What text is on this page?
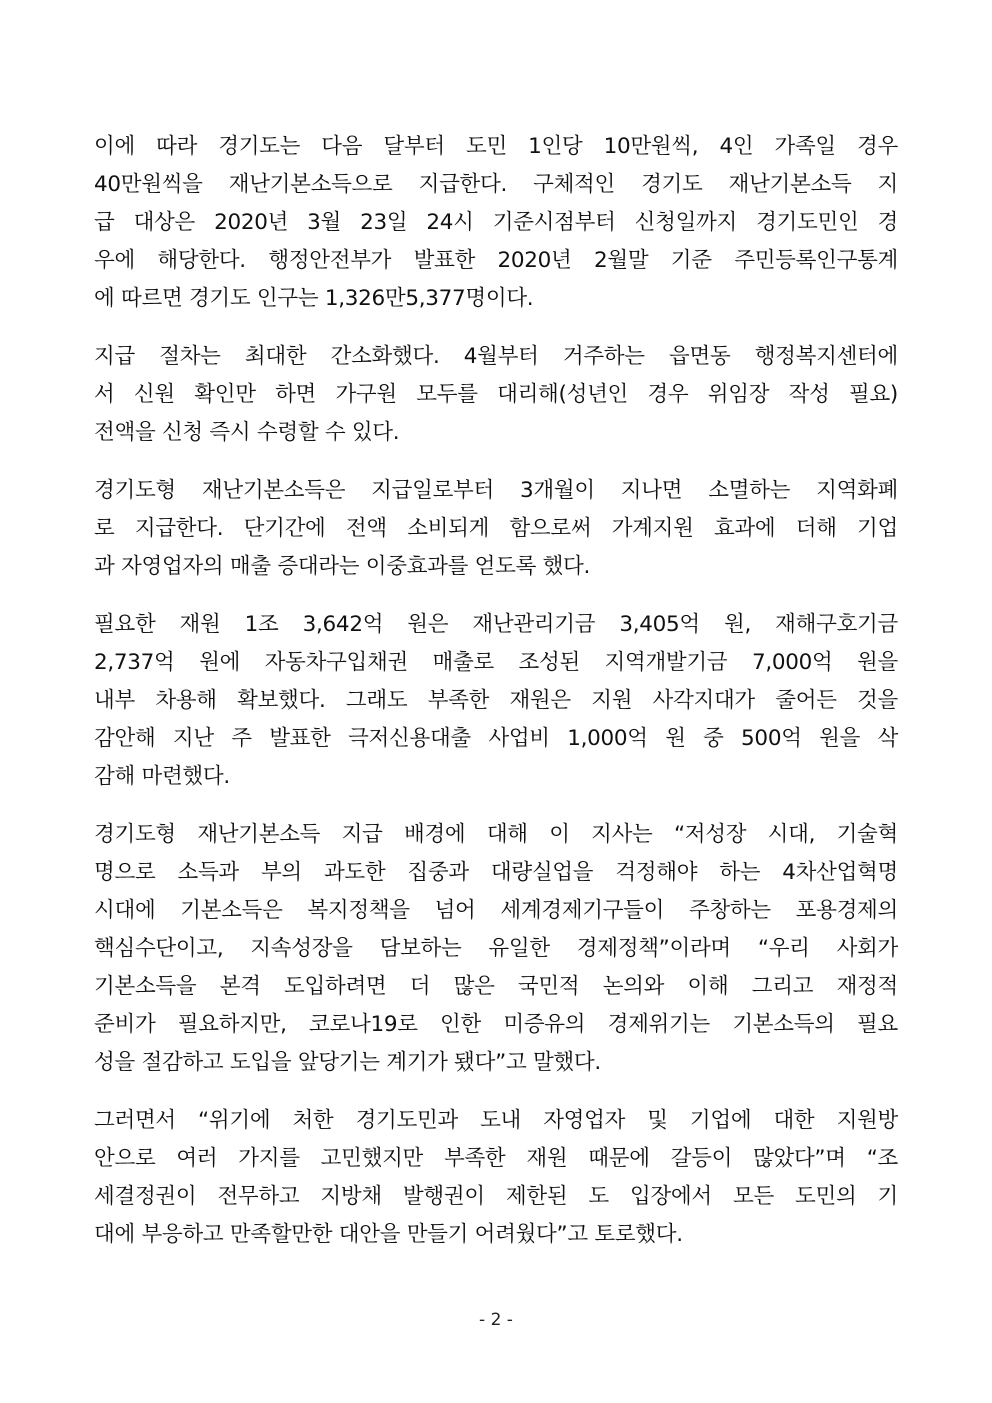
이에 따라 경기도는 다음 달부터 도민 1인당 10만원씩, 4인 가족일 경우
40만원씩을 재난기본소득으로 지급한다. 구체적인 경기도 재난기본소득 지
급 대상은 2020년 3월 23일 24시 기준시점부터 신청일까지 경기도민인 경
우에 해당한다. 행정안전부가 발표한 2020년 2월말 기준 주민등록인구통계
에 따르면 경기도 인구는 1,326만5,377명이다.

지급 절차는 최대한 간소화했다. 4월부터 거주하는 읍면동 행정복지센터에
서 신원 확인만 하면 가구원 모두를 대리해(성년인 경우 위임장 작성 필요)
전액을 신청 즉시 수령할 수 있다.

경기도형 재난기본소득은 지급일로부터 3개월이 지나면 소멸하는 지역화폐
로 지급한다. 단기간에 전액 소비되게 함으로써 가계지원 효과에 더해 기업
과 자영업자의 매출 증대라는 이중효과를 얻도록 했다.

필요한 재원 1조 3,642억 원은 재난관리기금 3,405억 원, 재해구호기금
2,737억 원에 자동차구입채권 매출로 조성된 지역개발기금 7,000억 원을
내부 차용해 확보했다. 그래도 부족한 재원은 지원 사각지대가 줄어든 것을
감안해 지난 주 발표한 극저신용대출 사업비 1,000억 원 중 500억 원을 삭
감해 마련했다.

경기도형 재난기본소득 지급 배경에 대해 이 지사는 “저성장 시대, 기술혁
명으로 소득과 부의 과도한 집중과 대량실업을 걱정해야 하는 4차산업혁명
시대에 기본소득은 복지정책을 넘어 세계경제기구들이 주창하는 포용경제의
핵심수단이고, 지속성장을 담보하는 유일한 경제정책”이라며 “우리 사회가
기본소득을 본격 도입하려면 더 많은 국민적 논의와 이해 그리고 재정적
준비가 필요하지만, 코로나19로 인한 미증유의 경제위기는 기본소득의 필요
성을 절감하고 도입을 앞당기는 계기가 됐다”고 말했다.

그러면서 “위기에 처한 경기도민과 도내 자영업자 및 기업에 대한 지원방
안으로 여러 가지를 고민했지만 부족한 재원 때문에 갈등이 많았다”며 “조
세결정권이 전무하고 지방채 발행권이 제한된 도 입장에서 모든 도민의 기
대에 부응하고 만족할만한 대안을 만들기 어려웠다”고 토로했다.

- 2 -
